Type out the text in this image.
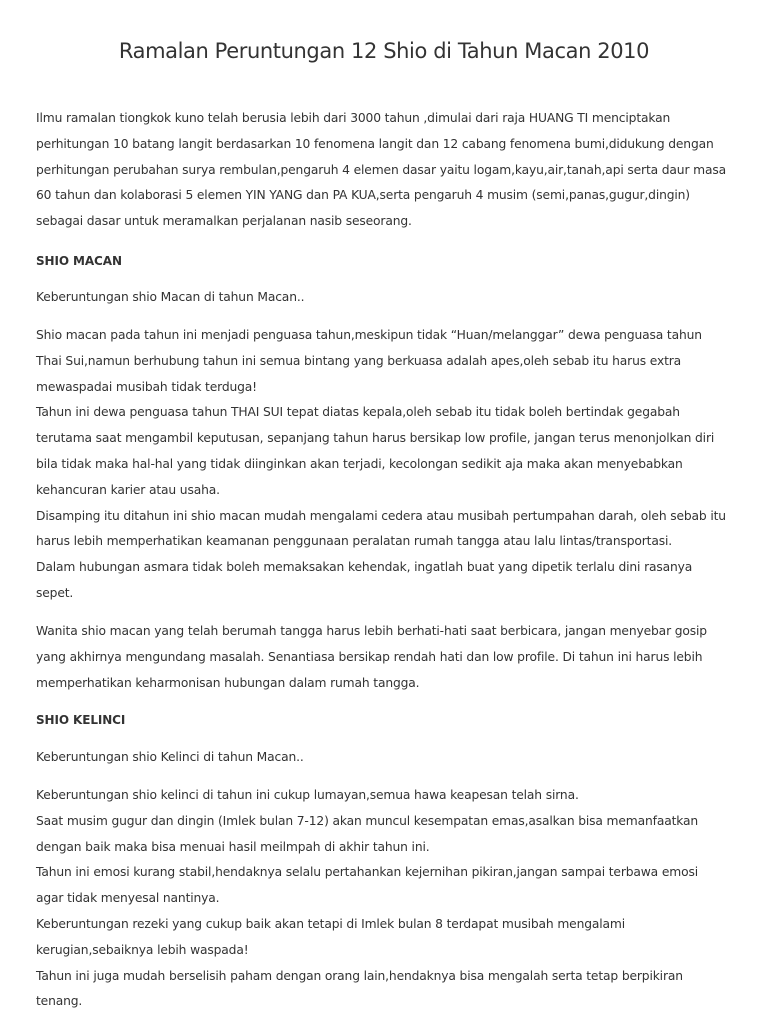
Ramalan Peruntungan 12 Shio di Tahun Macan 2010
Ilmu ramalan tiongkok kuno telah berusia lebih dari 3000 tahun ,dimulai dari raja HUANG TI menciptakan
perhitungan 10 batang langit berdasarkan 10 fenomena langit dan 12 cabang fenomena bumi,didukung dengan
perhitungan perubahan surya rembulan,pengaruh 4 elemen dasar yaitu logam,kayu,air,tanah,api serta daur masa
60 tahun dan kolaborasi 5 elemen YIN YANG dan PA KUA,serta pengaruh 4 musim (semi,panas,gugur,dingin)
sebagai dasar untuk meramalkan perjalanan nasib seseorang.
SHIO MACAN
Keberuntungan shio Macan di tahun Macan..
Shio macan pada tahun ini menjadi penguasa tahun,meskipun tidak “Huan/melanggar” dewa penguasa tahun
Thai Sui,namun berhubung tahun ini semua bintang yang berkuasa adalah apes,oleh sebab itu harus extra
mewaspadai musibah tidak terduga!
Tahun ini dewa penguasa tahun THAI SUI tepat diatas kepala,oleh sebab itu tidak boleh bertindak gegabah
terutama saat mengambil keputusan, sepanjang tahun harus bersikap low profile, jangan terus menonjolkan diri
bila tidak maka hal-hal yang tidak diinginkan akan terjadi, kecolongan sedikit aja maka akan menyebabkan
kehancuran karier atau usaha.
Disamping itu ditahun ini shio macan mudah mengalami cedera atau musibah pertumpahan darah, oleh sebab itu
harus lebih memperhatikan keamanan penggunaan peralatan rumah tangga atau lalu lintas/transportasi.
Dalam hubungan asmara tidak boleh memaksakan kehendak, ingatlah buat yang dipetik terlalu dini rasanya
sepet.
Wanita shio macan yang telah berumah tangga harus lebih berhati-hati saat berbicara, jangan menyebar gosip
yang akhirnya mengundang masalah. Senantiasa bersikap rendah hati dan low profile. Di tahun ini harus lebih
memperhatikan keharmonisan hubungan dalam rumah tangga.
SHIO KELINCI
Keberuntungan shio Kelinci di tahun Macan..
Keberuntungan shio kelinci di tahun ini cukup lumayan,semua hawa keapesan telah sirna.
Saat musim gugur dan dingin (Imlek bulan 7-12) akan muncul kesempatan emas,asalkan bisa memanfaatkan
dengan baik maka bisa menuai hasil meilmpah di akhir tahun ini.
Tahun ini emosi kurang stabil,hendaknya selalu pertahankan kejernihan pikiran,jangan sampai terbawa emosi
agar tidak menyesal nantinya.
Keberuntungan rezeki yang cukup baik akan tetapi di Imlek bulan 8 terdapat musibah mengalami
kerugian,sebaiknya lebih waspada!
Tahun ini juga mudah berselisih paham dengan orang lain,hendaknya bisa mengalah serta tetap berpikiran
tenang.
